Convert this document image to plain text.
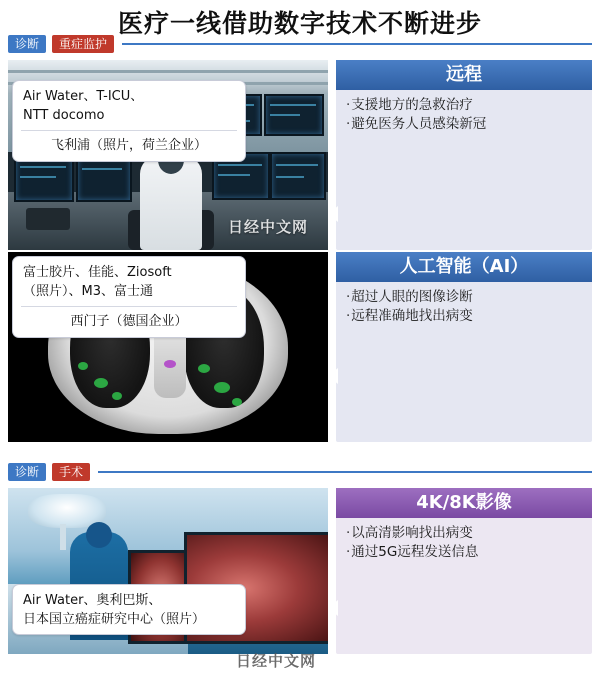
医疗一线借助数字技术不断进步
诊断	重症监护
日经中文网
诊断	手术
远程
·支援地方的急救治疗
·避免医务人员感染新冠
Air Water、T-ICU、
NTT docomo
飞利浦（照片，荷兰企业）
人工智能（AI）
·超过人眼的图像诊断
·远程准确地找出病变
富士胶片、佳能、Ziosoft
（照片）、M3、富士通
西门子（德国企业）
4K/8K影像
·以高清影响找出病变
·通过5G远程发送信息
Air Water、奥利巴斯、
日本国立癌症研究中心（照片）
日经中文网
